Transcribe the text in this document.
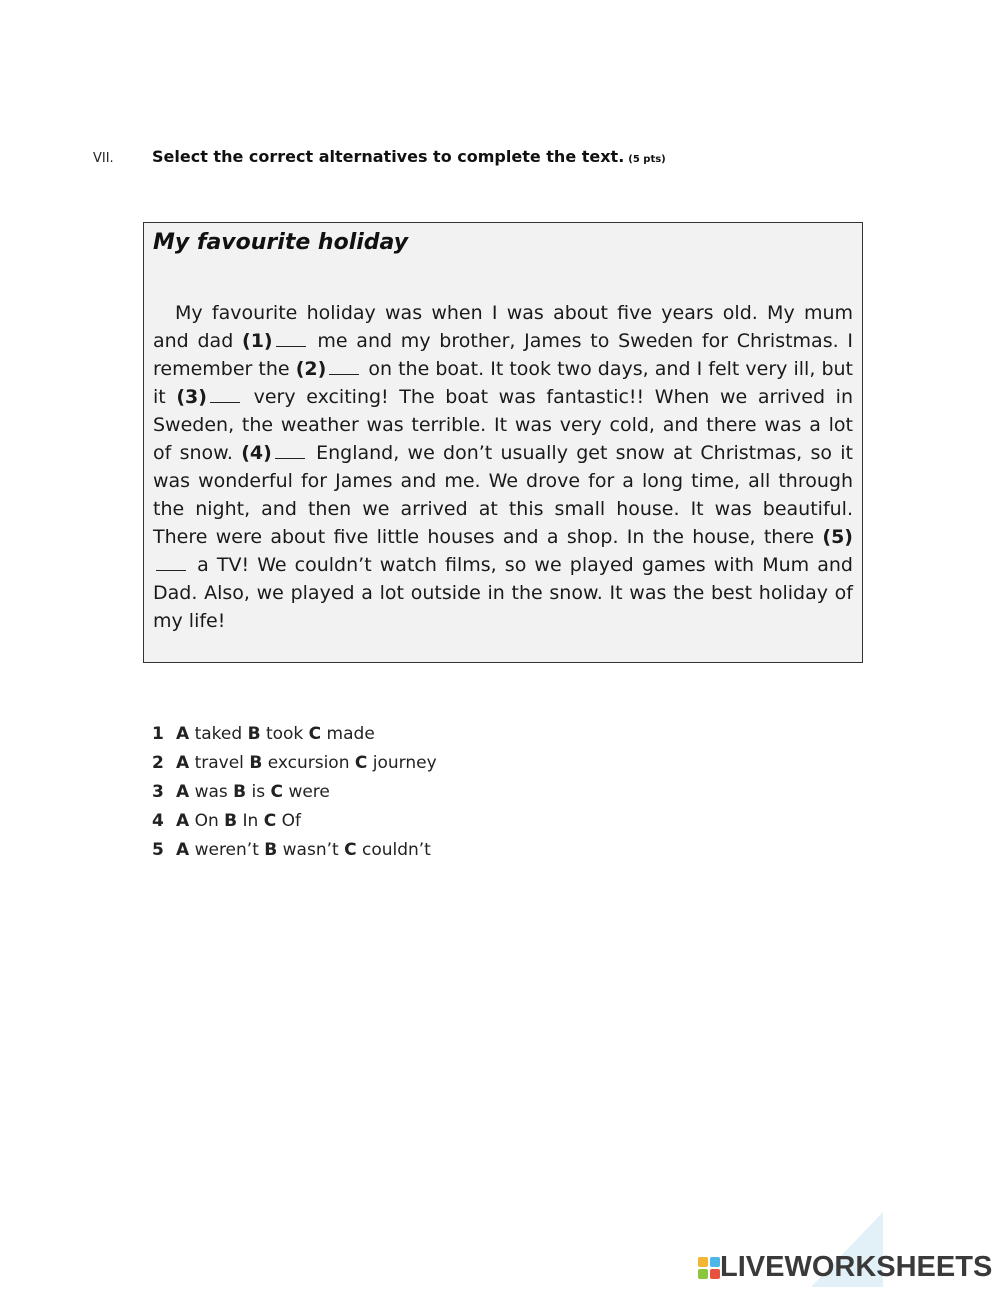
VII.	Select the correct alternatives to complete the text. (5 pts)
My favourite holiday
My favourite holiday was when I was about five years old. My mum and dad (1) me and my brother, James to Sweden for Christmas. I remember the (2) on the boat. It took two days, and I felt very ill, but it (3) very exciting! The boat was fantastic!! When we arrived in Sweden, the weather was terrible. It was very cold, and there was a lot of snow. (4) England, we don’t usually get snow at Christmas, so it was wonderful for James and me. We drove for a long time, all through the night, and then we arrived at this small house. It was beautiful. There were about five little houses and a shop. In the house, there (5) a TV! We couldn’t watch films, so we played games with Mum and Dad. Also, we played a lot outside in the snow. It was the best holiday of my life!
1 A
taked
B
took
C
made
2 A
travel
B
excursion
C
journey
3 A
was
B
is
C
were
4 A
On
B
In
C
Of
5 A
weren’t
B
wasn’t
C
couldn’t
LIVEWORKSHEETS
